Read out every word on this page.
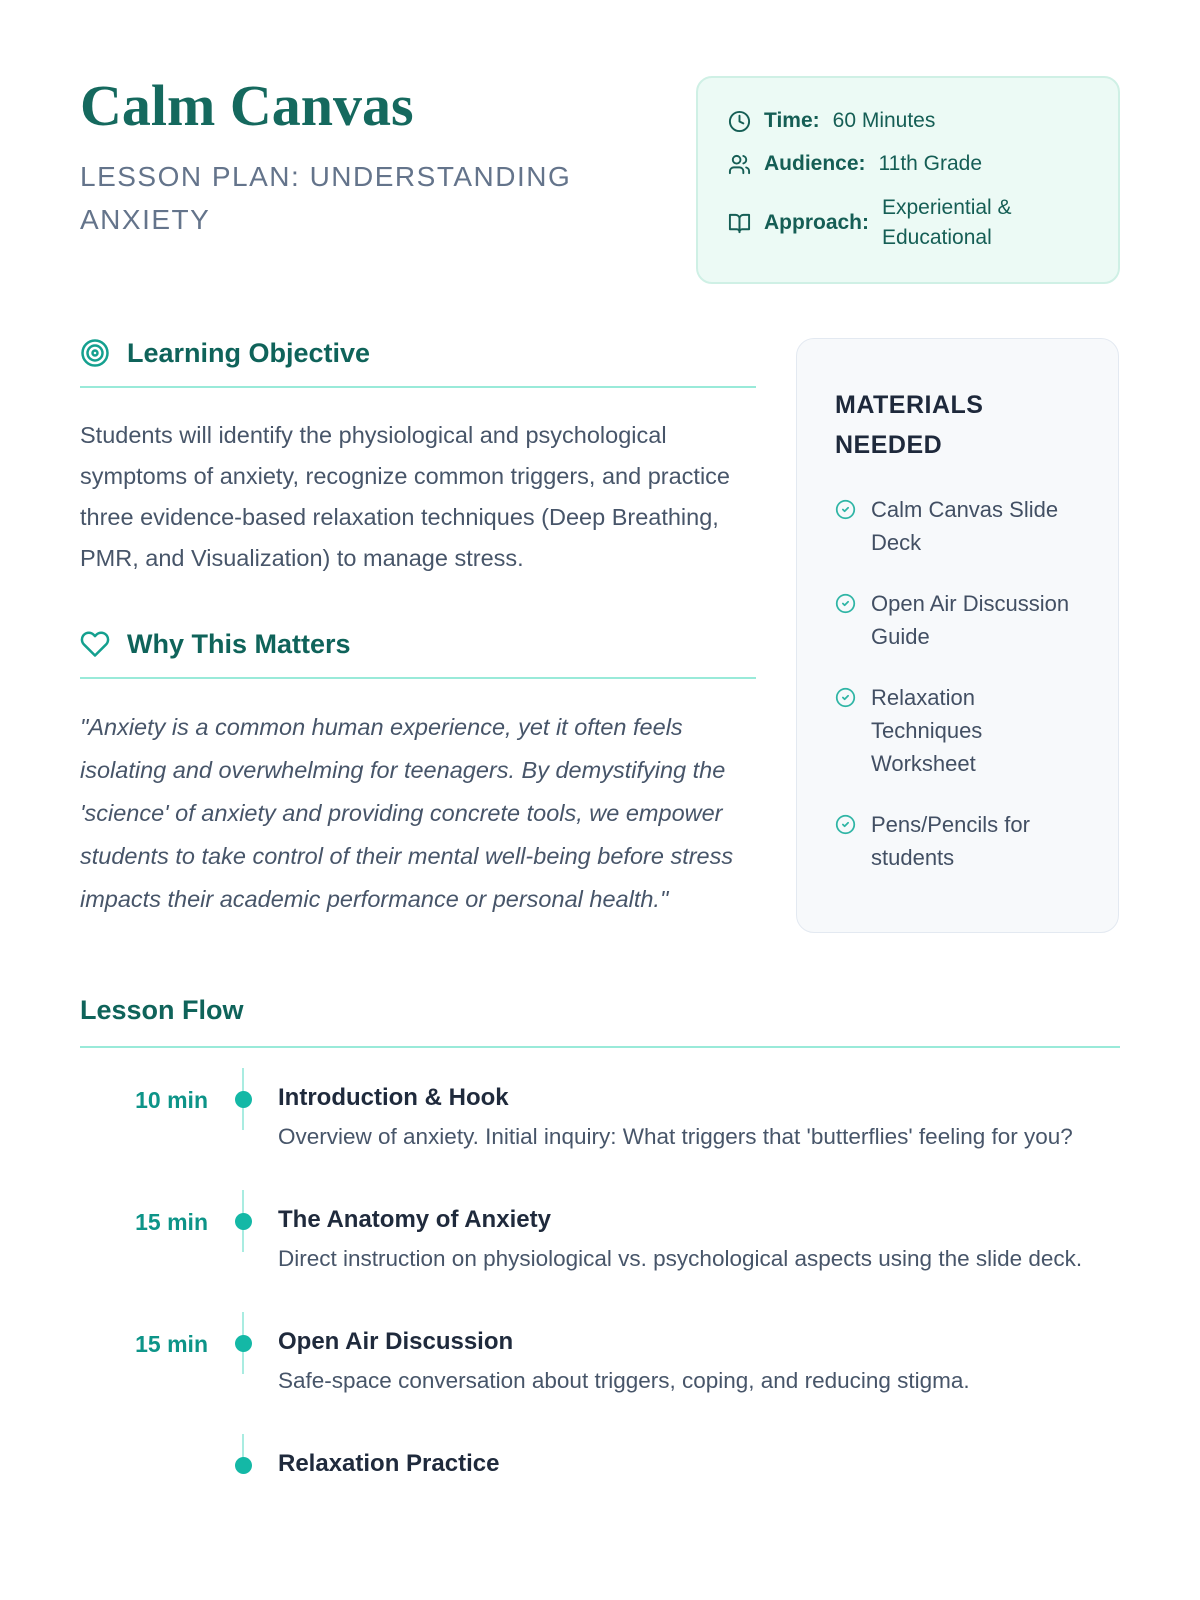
Calm Canvas
LESSON PLAN: UNDERSTANDING ANXIETY
Time: 60 Minutes
Audience: 11th Grade
Approach:
Experiential & Educational
Learning Objective

Students will identify the physiological and psychological symptoms of anxiety, recognize common triggers, and practice three evidence-based relaxation techniques (Deep Breathing, PMR, and Visualization) to manage stress.

Why This Matters

"Anxiety is a common human experience, yet it often feels isolating and overwhelming for teenagers. By demystifying the 'science' of anxiety and providing concrete tools, we empower students to take control of their mental well-being before stress impacts their academic performance or personal health."

MATERIALS NEEDED
Calm Canvas Slide Deck
Open Air Discussion Guide
Relaxation Techniques Worksheet
Pens/Pencils for students
Lesson Flow
10 min	Introduction & Hook
Overview of anxiety. Initial inquiry: What triggers that 'butterflies' feeling for you?
15 min	The Anatomy of Anxiety
Direct instruction on physiological vs. psychological aspects using the slide deck.
15 min	Open Air Discussion
Safe-space conversation about triggers, coping, and reducing stigma.
Relaxation Practice
